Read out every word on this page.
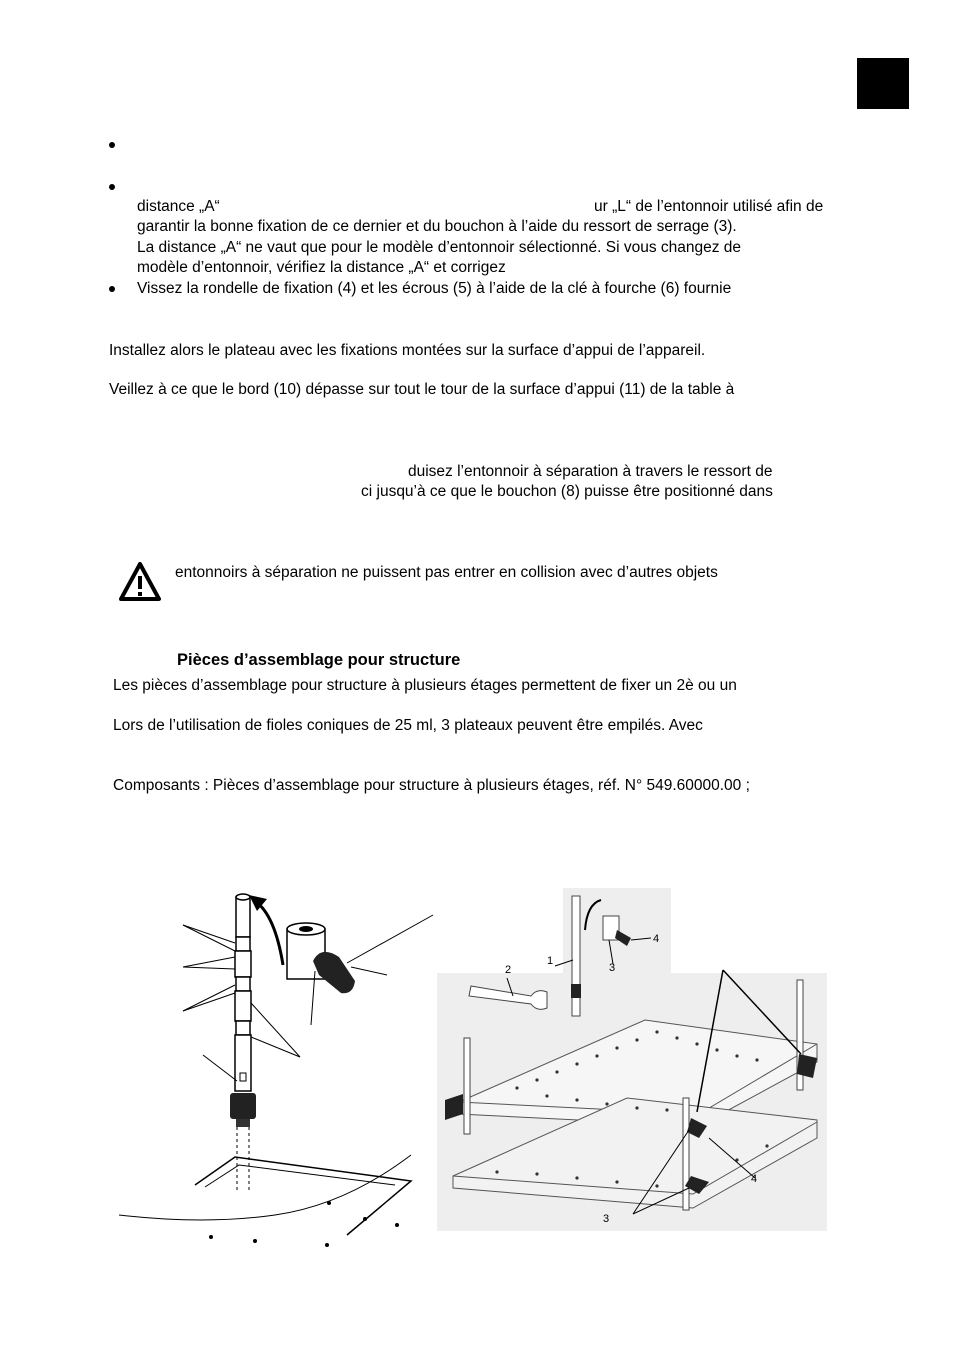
distance „A“	ur „L“ de l’entonnoir utilisé afin de
garantir la bonne fixation de ce dernier et du bouchon à l’aide du ressort de serrage (3).
La distance „A“ ne vaut que pour le modèle d’entonnoir sélectionné. Si vous changez de
modèle d’entonnoir, vérifiez la distance „A“ et corrigez
Vissez la rondelle de fixation (4) et les écrous (5) à l’aide de la clé à fourche (6) fournie
Installez alors le plateau avec les fixations montées sur la surface d’appui de l’appareil.
Veillez à ce que le bord (10) dépasse sur tout le tour de la surface d’appui (11) de la table à
duisez l’entonnoir à séparation à travers le ressort de
ci jusqu’à ce que le bouchon (8) puisse être positionné dans
entonnoirs à séparation ne puissent pas entrer en collision avec d’autres objets
Pièces d’assemblage pour structure
Les pièces d’assemblage pour structure à plusieurs étages permettent de fixer un 2è ou un
Lors de l’utilisation de fioles coniques de 25 ml, 3 plateaux peuvent être empilés. Avec
Composants : Pièces d’assemblage pour structure à plusieurs étages, réf. N° 549.60000.00 ;
1
2	3
4
3
4
